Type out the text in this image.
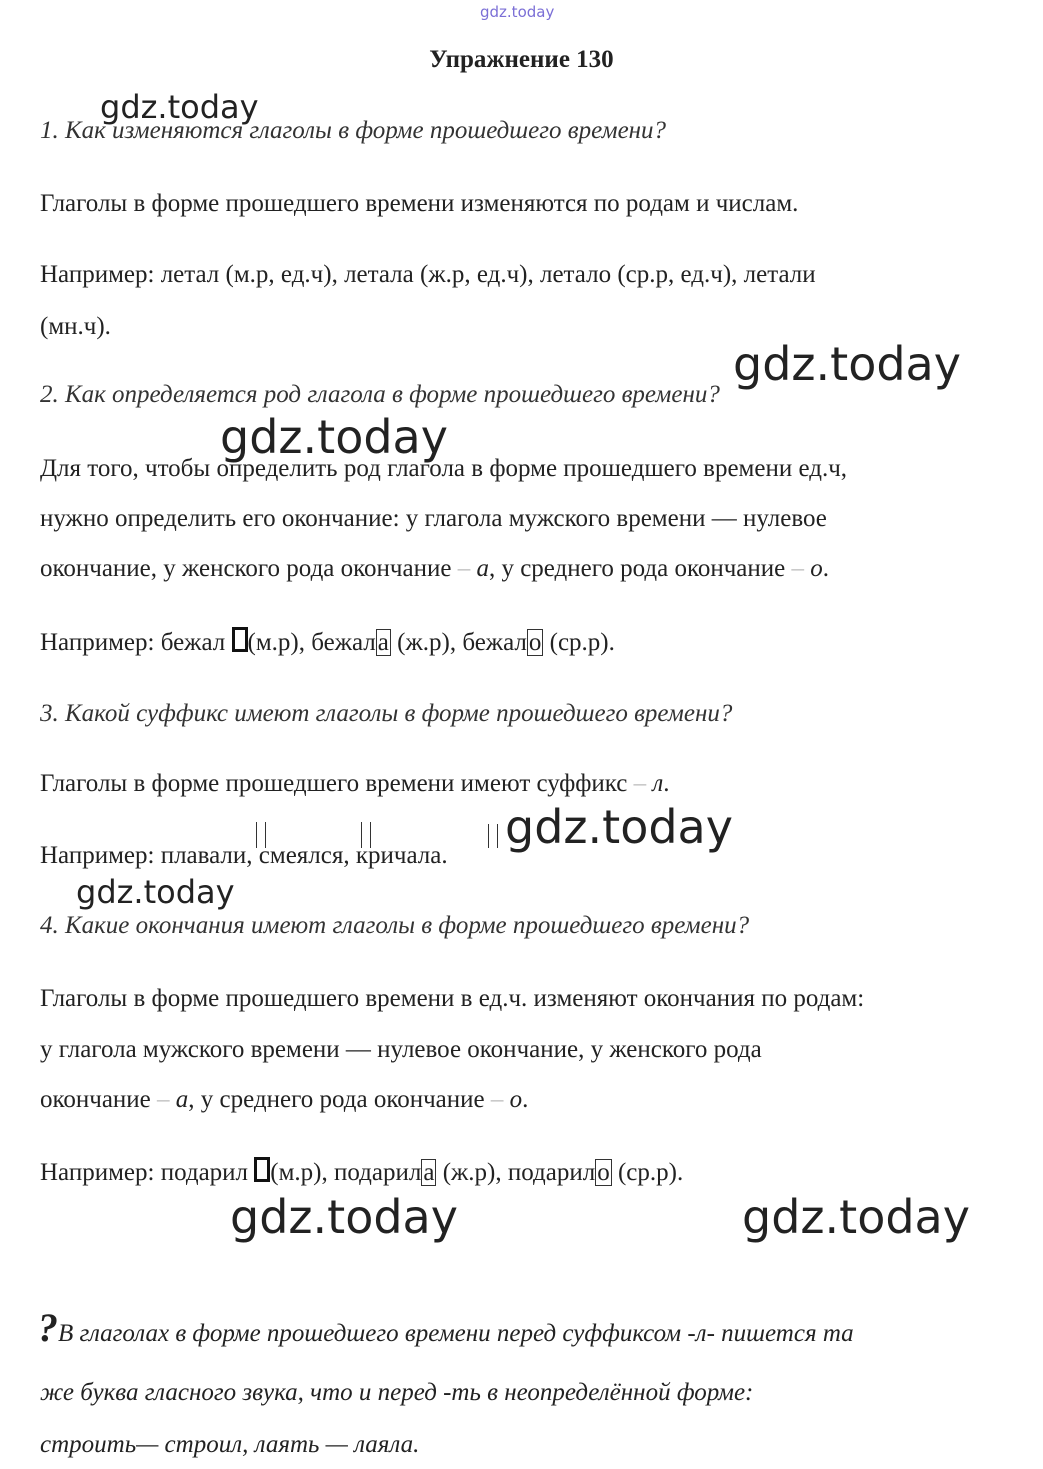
gdz.today
Упражнение 130
gdz.today
1. Как изменяются глаголы в форме прошедшего времени?
Глаголы в форме прошедшего времени изменяются по родам и числам.
Например: летал (м.р, ед.ч), летала (ж.р, ед.ч), летало (ср.р, ед.ч), летали
(мн.ч).
gdz.today
2. Как определяется род глагола в форме прошедшего времени?
gdz.today
Для того, чтобы определить род глагола в форме прошедшего времени ед.ч,
нужно определить его окончание: у глагола мужского времени — нулевое
окончание, у женского рода окончание – а, у среднего рода окончание – о.
Например: бежал (м.р), бежала (ж.р), бежало (ср.р).
3. Какой суффикс имеют глаголы в форме прошедшего времени?
Глаголы в форме прошедшего времени имеют суффикс – л.
gdz.today
Например: плавали, смеялся, кричала.
gdz.today
4. Какие окончания имеют глаголы в форме прошедшего времени?
Глаголы в форме прошедшего времени в ед.ч. изменяют окончания по родам:
у глагола мужского времени — нулевое окончание, у женского рода
окончание – а, у среднего рода окончание – о.
Например: подарил (м.р), подарила (ж.р), подарило (ср.р).
gdz.today	gdz.today
?В глаголах в форме прошедшего времени перед суффиксом -л- пишется та
же буква гласного звука, что и перед -ть в неопределённой форме:
строить— строил, лаять — лаяла.
